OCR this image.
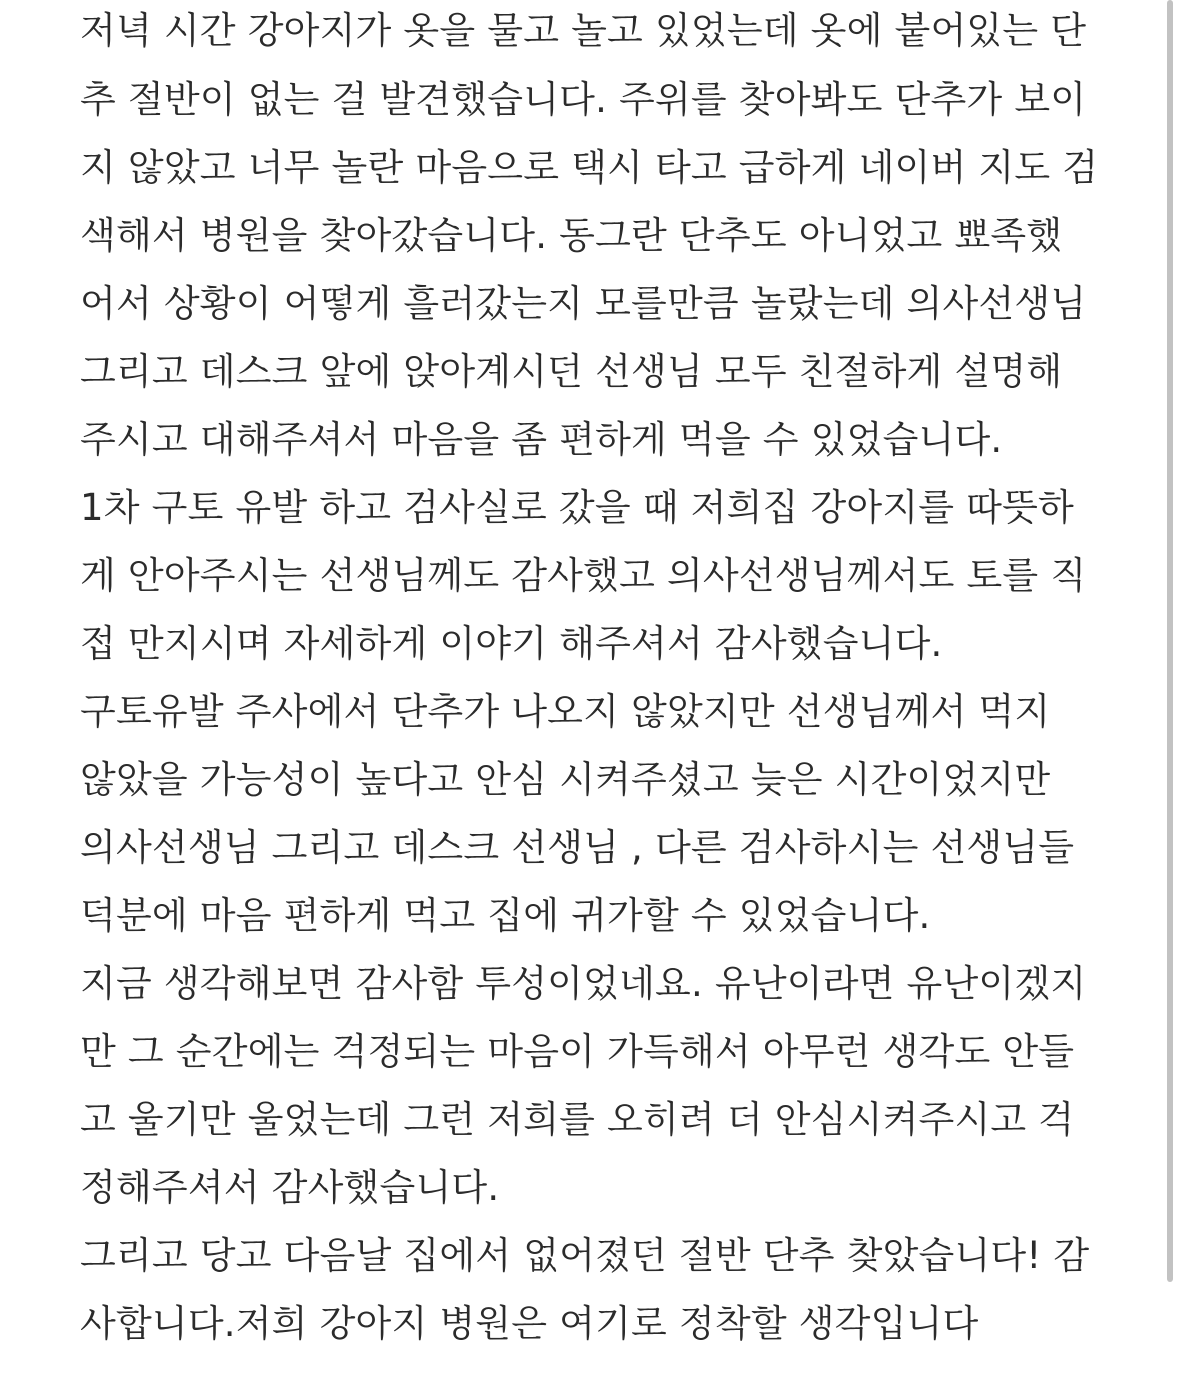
저녁 시간 강아지가 옷을 물고 놀고 있었는데 옷에 붙어있는 단
추 절반이 없는 걸 발견했습니다. 주위를 찾아봐도 단추가 보이
지 않았고 너무 놀란 마음으로 택시 타고 급하게 네이버 지도 검
색해서 병원을 찾아갔습니다. 동그란 단추도 아니었고 뾰족했
어서 상황이 어떻게 흘러갔는지 모를만큼 놀랐는데 의사선생님
그리고 데스크 앞에 앉아계시던 선생님 모두 친절하게 설명해
주시고 대해주셔서 마음을 좀 편하게 먹을 수 있었습니다.
1차 구토 유발 하고 검사실로 갔을 때 저희집 강아지를 따뜻하
게 안아주시는 선생님께도 감사했고 의사선생님께서도 토를 직
접 만지시며 자세하게 이야기 해주셔서 감사했습니다.
구토유발 주사에서 단추가 나오지 않았지만 선생님께서 먹지
않았을 가능성이 높다고 안심 시켜주셨고 늦은 시간이었지만
의사선생님 그리고 데스크 선생님 , 다른 검사하시는 선생님들
덕분에 마음 편하게 먹고 집에 귀가할 수 있었습니다.
지금 생각해보면 감사함 투성이었네요. 유난이라면 유난이겠지
만 그 순간에는 걱정되는 마음이 가득해서 아무런 생각도 안들
고 울기만 울었는데 그런 저희를 오히려 더 안심시켜주시고 걱
정해주셔서 감사했습니다.
그리고 당고 다음날 집에서 없어졌던 절반 단추 찾았습니다! 감
사합니다.저희 강아지 병원은 여기로 정착할 생각입니다
